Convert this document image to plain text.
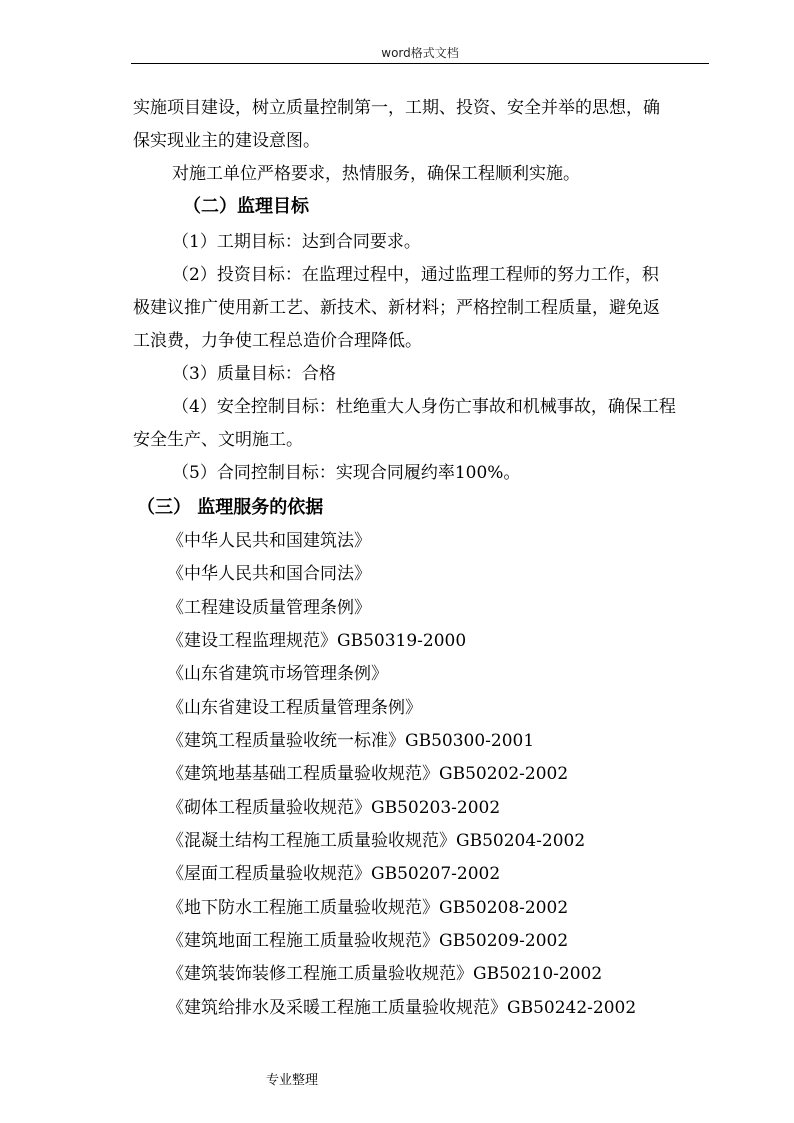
word格式文档
实施项目建设，树立质量控制第一，工期、投资、安全并举的思想，确
保实现业主的建设意图。
对施工单位严格要求，热情服务，确保工程顺利实施。
（二）监理目标
（1）工期目标：达到合同要求。
（2）投资目标：在监理过程中，通过监理工程师的努力工作，积
极建议推广使用新工艺、新技术、新材料；严格控制工程质量，避免返
工浪费，力争使工程总造价合理降低。
（3）质量目标：合格
（4）安全控制目标：杜绝重大人身伤亡事故和机械事故，确保工程
安全生产、文明施工。
（5）合同控制目标：实现合同履约率100%。
（三） 监理服务的依据
《中华人民共和国建筑法》
《中华人民共和国合同法》
《工程建设质量管理条例》
《建设工程监理规范》GB50319-2000
《山东省建筑市场管理条例》
《山东省建设工程质量管理条例》
《建筑工程质量验收统一标准》GB50300-2001
《建筑地基基础工程质量验收规范》GB50202-2002
《砌体工程质量验收规范》GB50203-2002
《混凝土结构工程施工质量验收规范》GB50204-2002
《屋面工程质量验收规范》GB50207-2002
《地下防水工程施工质量验收规范》GB50208-2002
《建筑地面工程施工质量验收规范》GB50209-2002
《建筑装饰装修工程施工质量验收规范》GB50210-2002
《建筑给排水及采暖工程施工质量验收规范》GB50242-2002
专业整理
